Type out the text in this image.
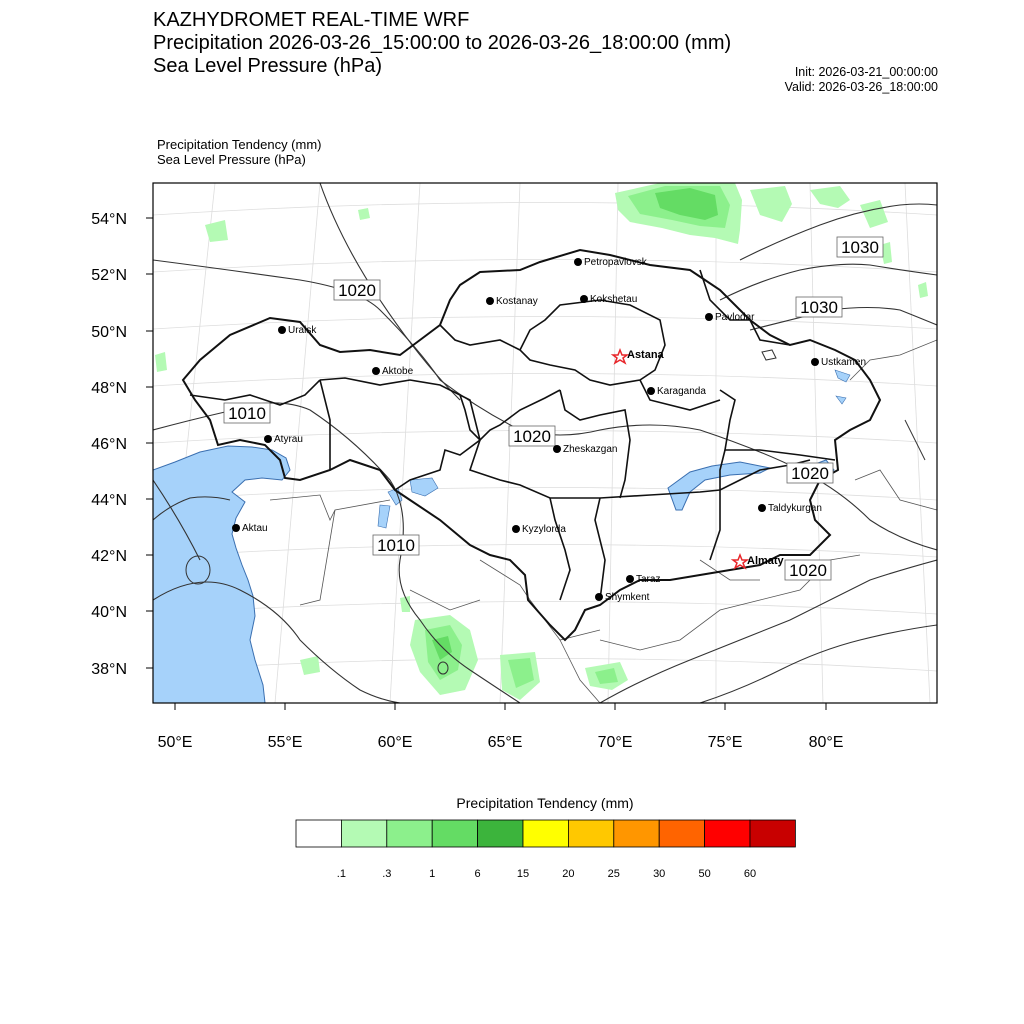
KAZHYDROMET REAL-TIME WRF
Precipitation 2026-03-26_15:00:00 to 2026-03-26_18:00:00 (mm)
Sea Level Pressure (hPa)	Init: 2026-03-21_00:00:00
Valid: 2026-03-26_18:00:00
Precipitation Tendency (mm)
Sea Level Pressure (hPa)
54°N
52°N
50°N
48°N
46°N
44°N
42°N
40°N
38°N
50°E	55°E	60°E	65°E	70°E	75°E	80°E
1030
1020
1030
1010
1020
1020
1010
1020
Petropavlovsk
Kostanay	Kokshetau
Pavlodar
Uralsk
Astana
Aktobe
Ustkamen
Karaganda
Atyrau
Zheskazgan
Taldykurgan
Kyzylorda
Aktau
Almaty
Taraz
Shymkent
Precipitation Tendency (mm)
.1	.3	1	6	15	20	25	30	50	60
